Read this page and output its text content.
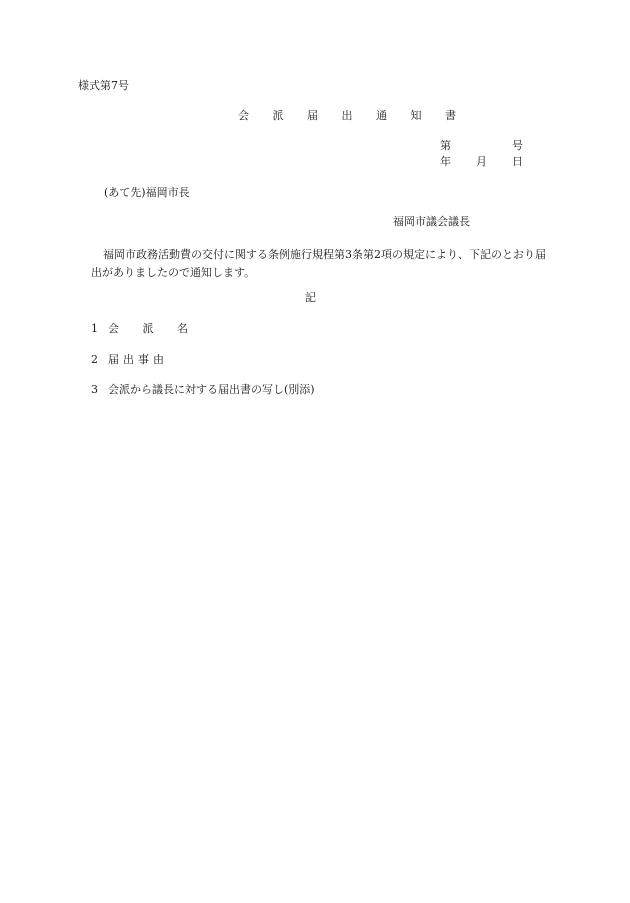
様式第7号
会 派 届 出 通 知 書
第	号
年 月 日
(あて先)福岡市長
福岡市議会議長
福岡市政務活動費の交付に関する条例施行規程第3条第2項の規定により、下記のとおり届出がありましたので通知します。
記
1 会 派 名
2 届出事由
3 会派から議長に対する届出書の写し(別添)
